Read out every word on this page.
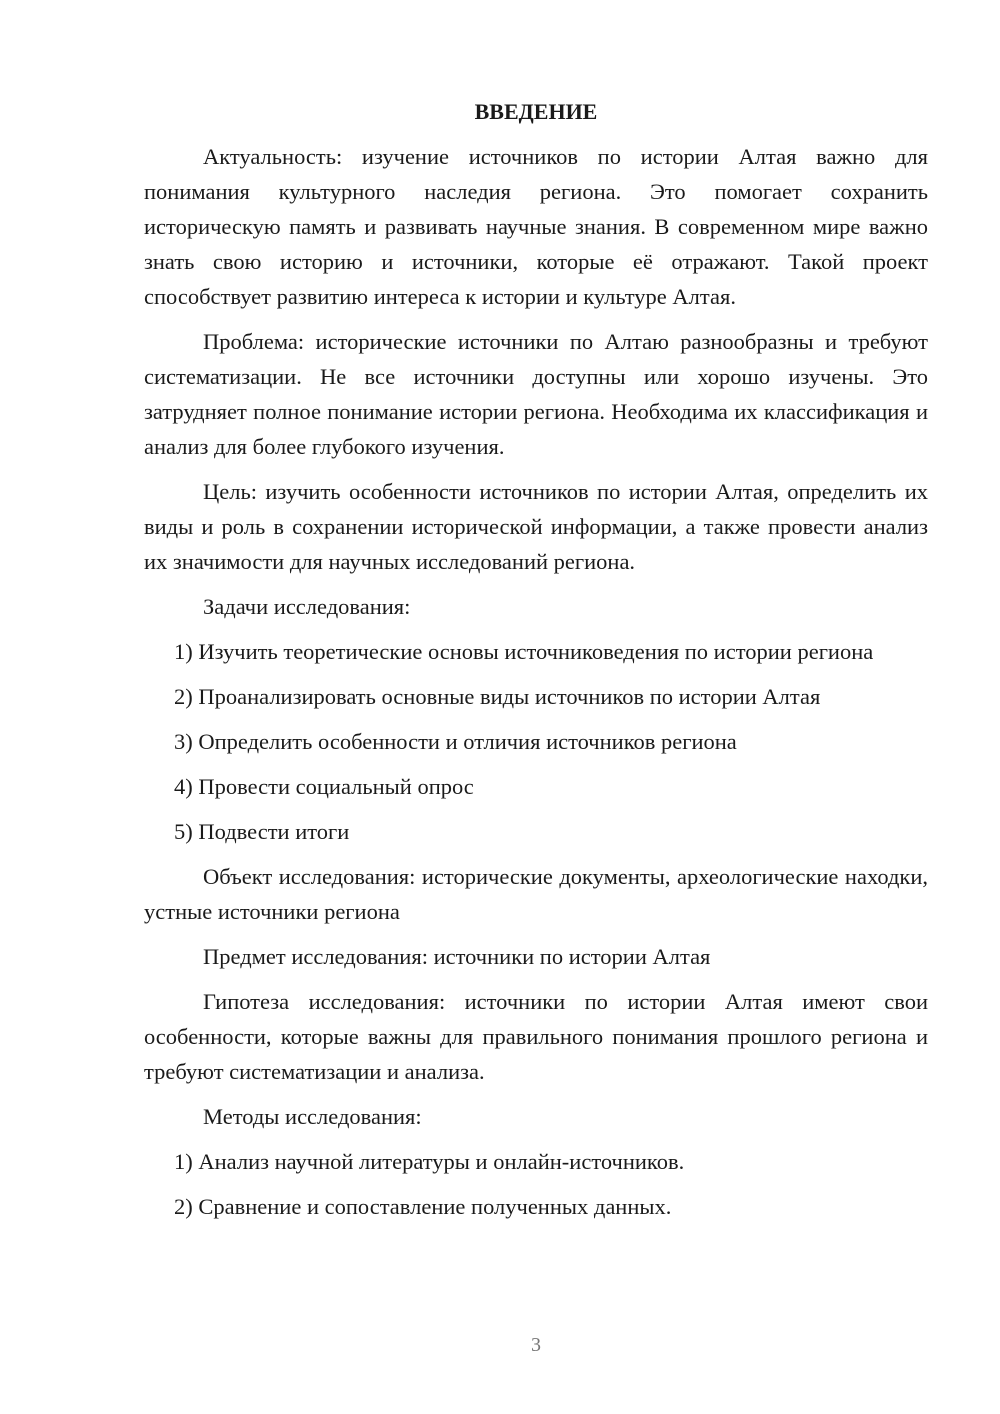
ВВЕДЕНИЕ

Актуальность: изучение источников по истории Алтая важно для понимания культурного наследия региона. Это помогает сохранить историческую память и развивать научные знания. В современном мире важно знать свою историю и источники, которые её отражают. Такой проект способствует развитию интереса к истории и культуре Алтая.

Проблема: исторические источники по Алтаю разнообразны и требуют систематизации. Не все источники доступны или хорошо изучены. Это затрудняет полное понимание истории региона. Необходима их классификация и анализ для более глубокого изучения.

Цель: изучить особенности источников по истории Алтая, определить их виды и роль в сохранении исторической информации, а также провести анализ их значимости для научных исследований региона.

Задачи исследования:

1) Изучить теоретические основы источниковедения по истории региона

2) Проанализировать основные виды источников по истории Алтая

3) Определить особенности и отличия источников региона

4) Провести социальный опрос

5) Подвести итоги

Объект исследования: исторические документы, археологические находки, устные источники региона

Предмет исследования: источники по истории Алтая

Гипотеза исследования: источники по истории Алтая имеют свои особенности, которые важны для правильного понимания прошлого региона и требуют систематизации и анализа.

Методы исследования:

1) Анализ научной литературы и онлайн-источников.

2) Сравнение и сопоставление полученных данных.

3
